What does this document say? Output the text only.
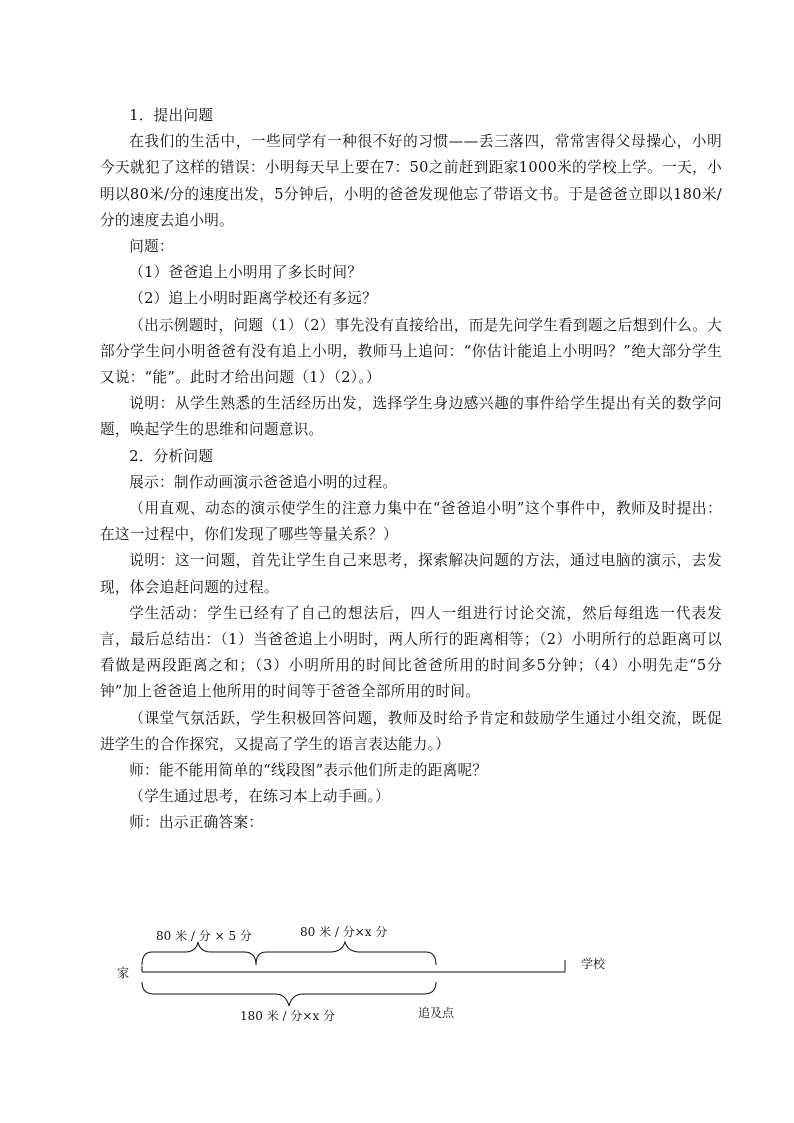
1．提出问题

在我们的生活中，一些同学有一种很不好的习惯——丢三落四，常常害得父母操心，小明今天就犯了这样的错误：小明每天早上要在7：50之前赶到距家1000米的学校上学。一天，小明以80米/分的速度出发，5分钟后，小明的爸爸发现他忘了带语文书。于是爸爸立即以180米/分的速度去追小明。

问题：

（1）爸爸追上小明用了多长时间？

（2）追上小明时距离学校还有多远？

（出示例题时，问题（1）（2）事先没有直接给出，而是先问学生看到题之后想到什么。大部分学生问小明爸爸有没有追上小明，教师马上追问：“你估计能追上小明吗？”绝大部分学生又说：“能”。此时才给出问题（1）（2）。）

说明：从学生熟悉的生活经历出发，选择学生身边感兴趣的事件给学生提出有关的数学问题，唤起学生的思维和问题意识。

2．分析问题

展示：制作动画演示爸爸追小明的过程。

（用直观、动态的演示使学生的注意力集中在“爸爸追小明”这个事件中，教师及时提出：在这一过程中，你们发现了哪些等量关系？）

说明：这一问题，首先让学生自己来思考，探索解决问题的方法，通过电脑的演示，去发现，体会追赶问题的过程。

学生活动：学生已经有了自己的想法后，四人一组进行讨论交流，然后每组选一代表发言，最后总结出：（1）当爸爸追上小明时，两人所行的距离相等；（2）小明所行的总距离可以看做是两段距离之和；（3）小明所用的时间比爸爸所用的时间多5分钟；（4）小明先走“5分钟”加上爸爸追上他所用的时间等于爸爸全部所用的时间。

（课堂气氛活跃，学生积极回答问题，教师及时给予肯定和鼓励学生通过小组交流，既促进学生的合作探究，又提高了学生的语言表达能力。）

师：能不能用简单的“线段图”表示他们所走的距离呢？

（学生通过思考，在练习本上动手画。）

师：出示正确答案：

80 米 / 分 × 5 分	80 米 / 分×x 分
家
学校
180 米 / 分×x 分	追及点
